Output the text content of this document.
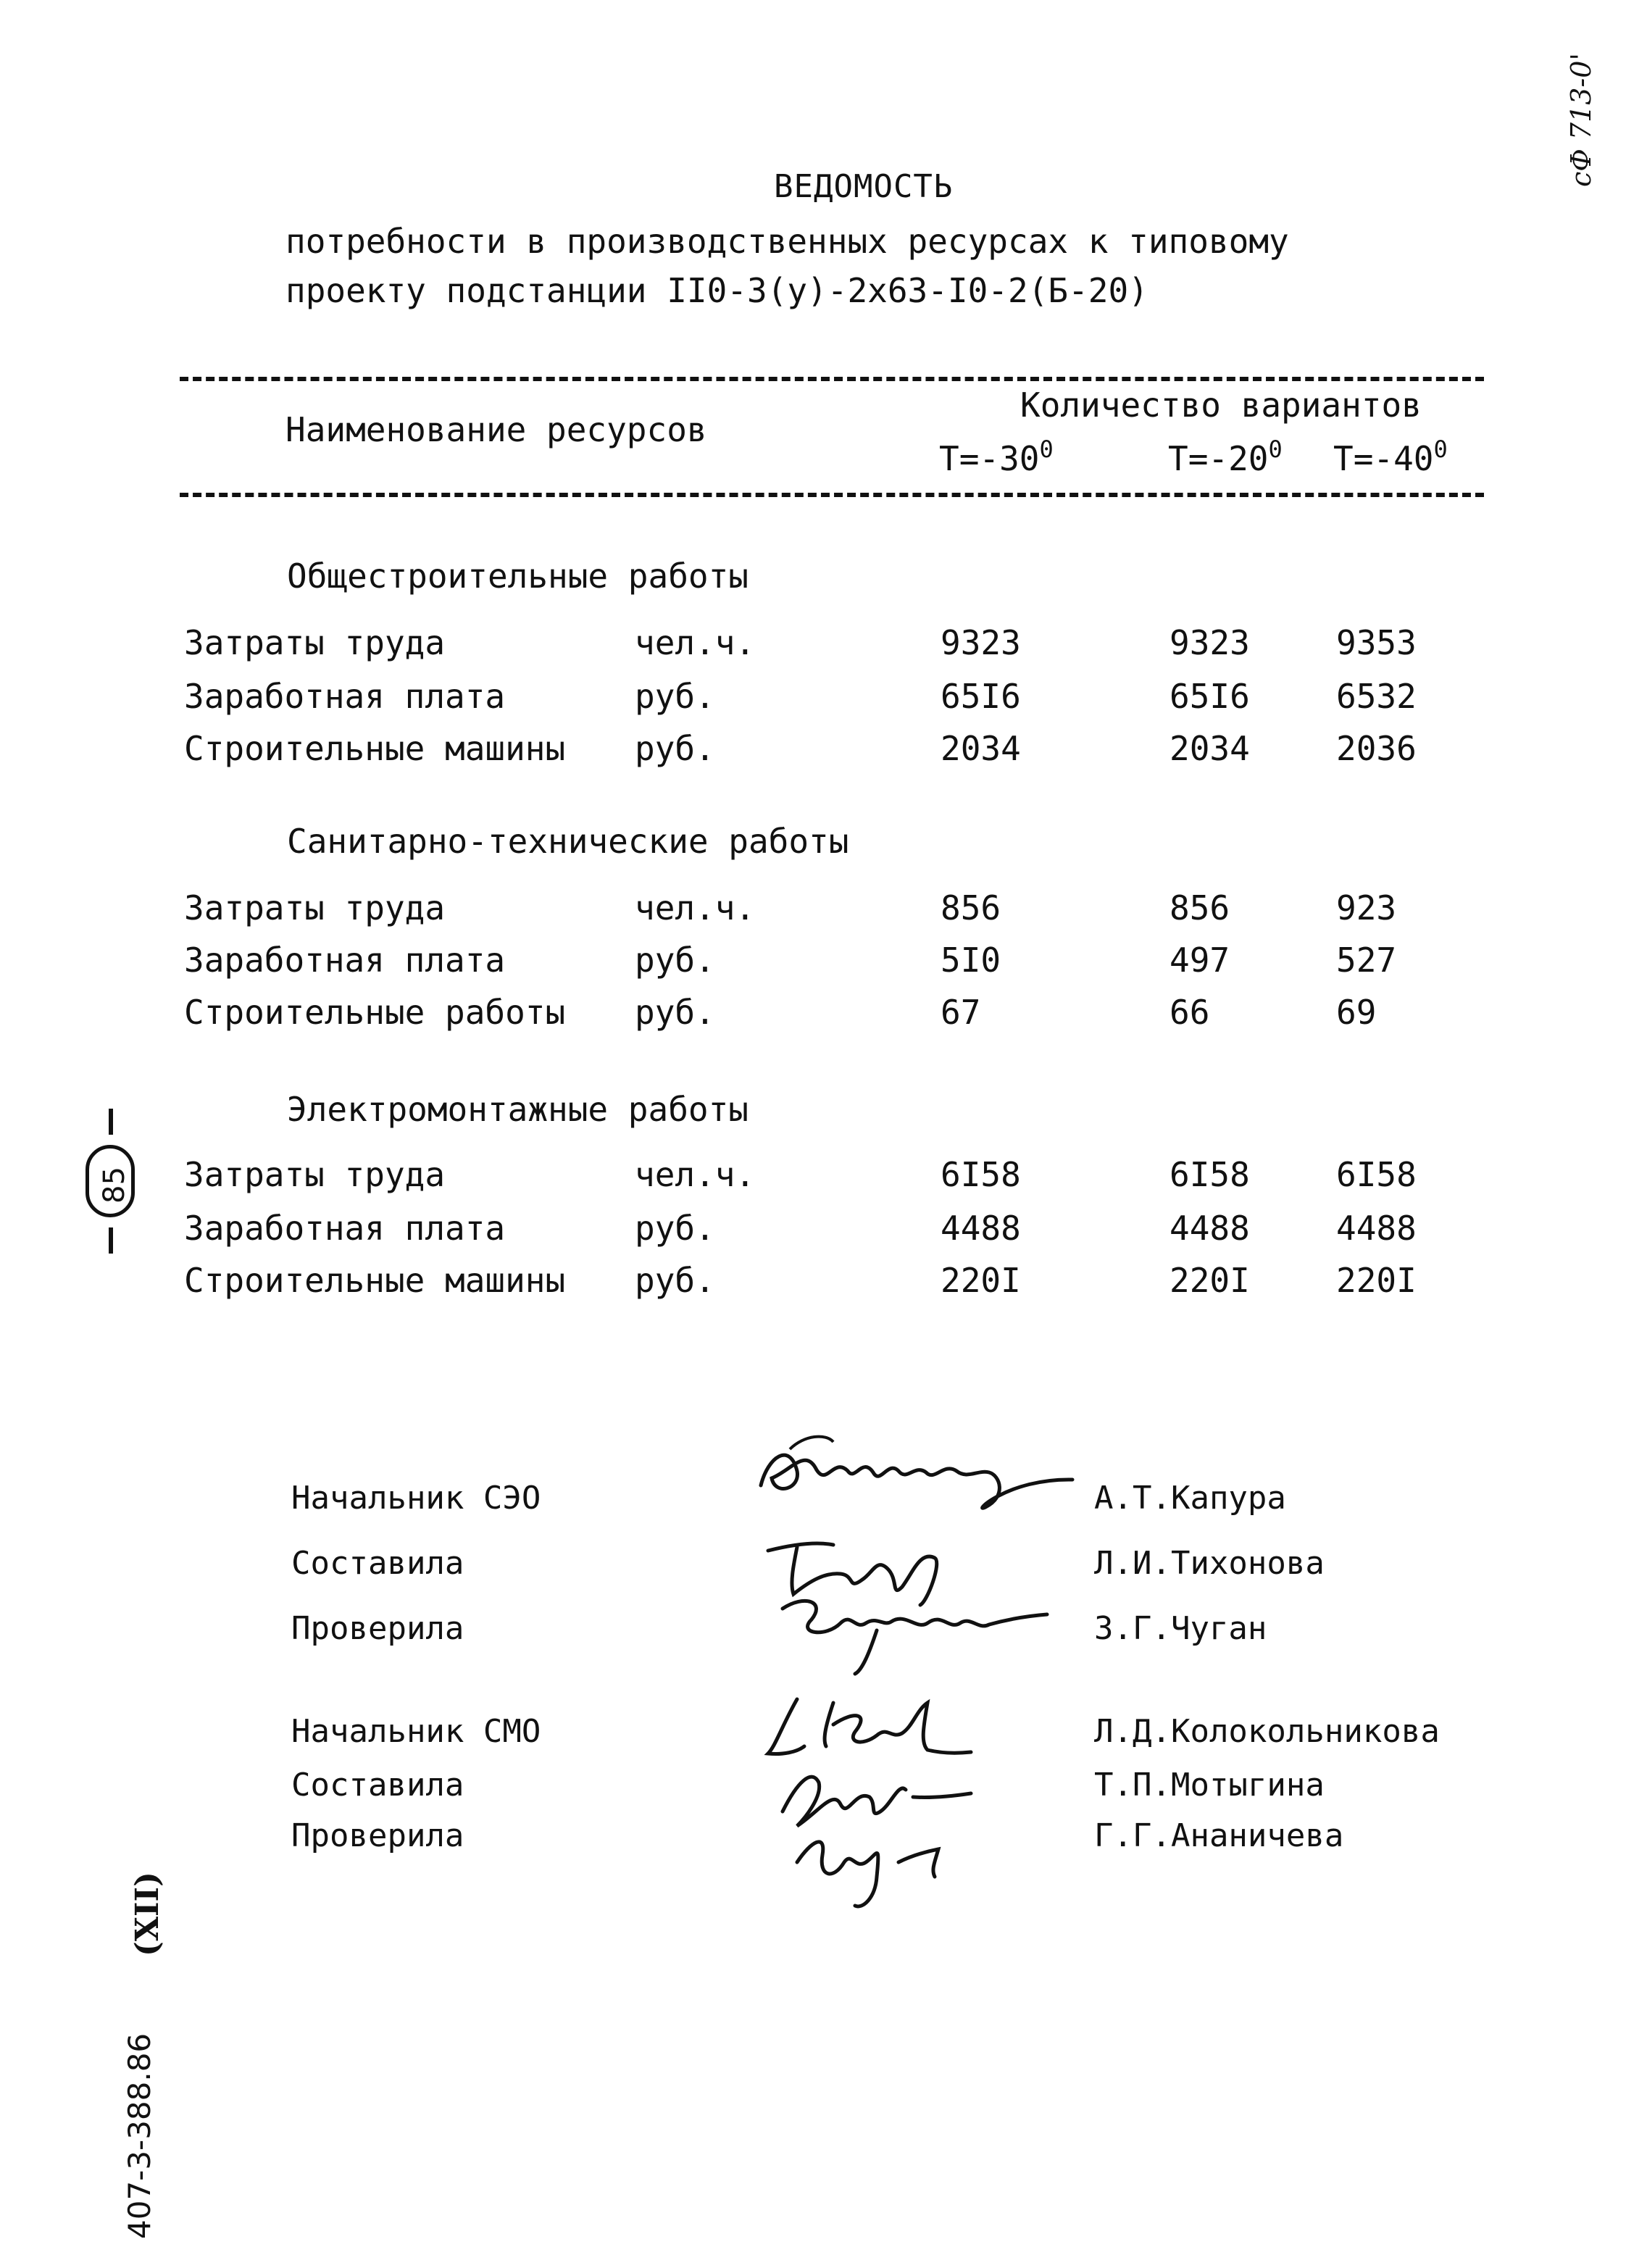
сФ 713-0'
ВЕДОМОСТЬ
потребности в производственных ресурсах к типовому
проекту подстанции II0-3(у)-2х63-I0-2(Б-20)
Наименование ресурсов
Количество вариантов
$Т=-30^0$	$Т=-20^0$ $Т=-40^0$
Общестроительные работы
Затраты труда	чел.ч.	9323	9323	9353
Заработная плата	руб.	65I6	65I6	6532
Строительные машины руб.	2034	2034	2036
Санитарно-технические работы
Затраты труда	чел.ч.	856	856	923
Заработная плата	руб.	5I0	497	527
Строительные работы руб.	67	66	69
Электромонтажные работы
Затраты труда	чел.ч.	6I58	6I58	6I58
Заработная плата	руб.	4488	4488	4488
Строительные машины руб.	220I	220I	220I
Начальник СЭО	А.Т.Капура
Составила	Л.И.Тихонова
Проверила	З.Г.Чуган
Начальник СМО	Л.Д.Колокольникова
Составила	Т.П.Мотыгина
Проверила	Г.Г.Ананичева
85
(XII)
407-3-388.86
